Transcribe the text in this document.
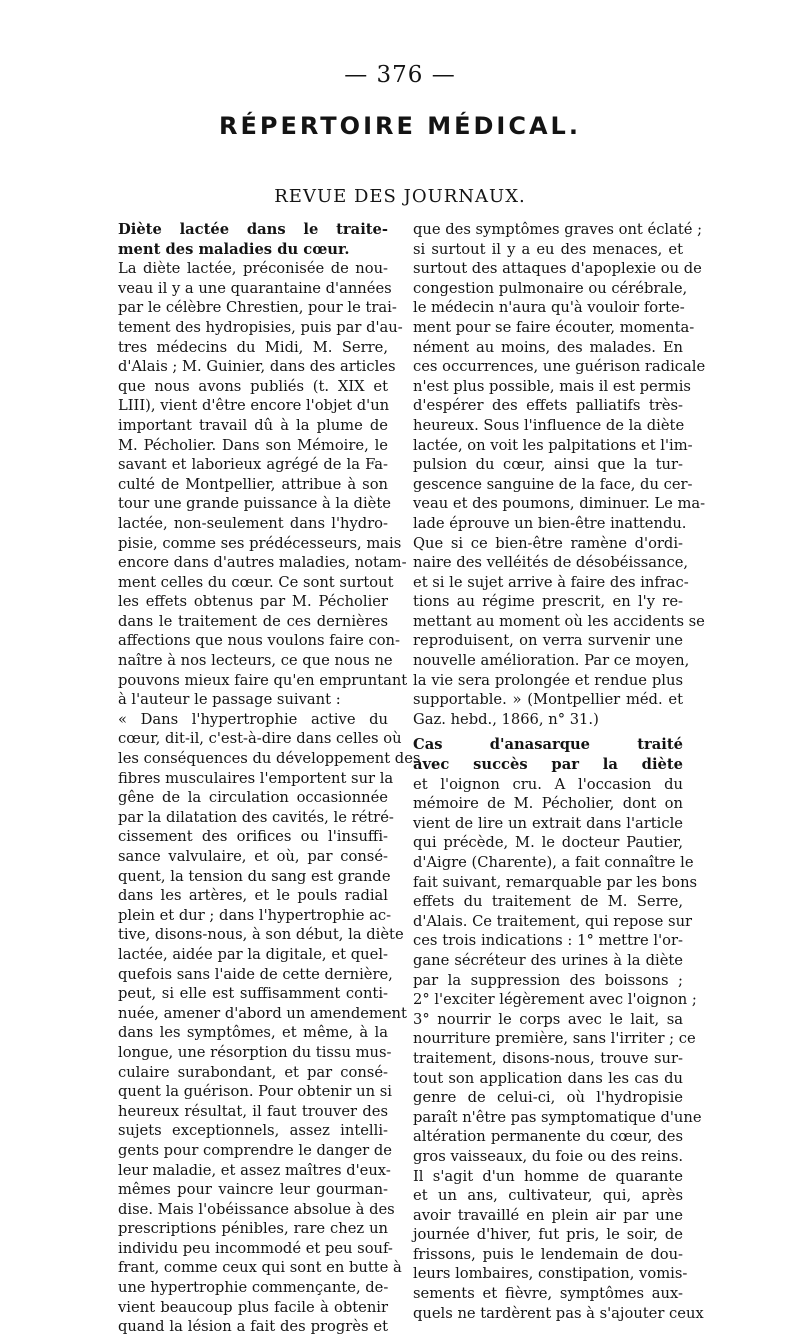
— 376 —
RÉPERTOIRE MÉDICAL.
REVUE DES JOURNAUX.
Diète lactée dans le traite-
ment des maladies du cœur.
La diète lactée, préconisée de nou-
veau il y a une quarantaine d'années
par le célèbre Chrestien, pour le trai-
tement des hydropisies, puis par d'au-
tres médecins du Midi, M. Serre,
d'Alais ; M. Guinier, dans des articles
que nous avons publiés (t. XIX et
LIII), vient d'être encore l'objet d'un
important travail dû à la plume de
M. Pécholier. Dans son Mémoire, le
savant et laborieux agrégé de la Fa-
culté de Montpellier, attribue à son
tour une grande puissance à la diète
lactée, non-seulement dans l'hydro-
pisie, comme ses prédécesseurs, mais
encore dans d'autres maladies, notam-
ment celles du cœur. Ce sont surtout
les effets obtenus par M. Pécholier
dans le traitement de ces dernières
affections que nous voulons faire con-
naître à nos lecteurs, ce que nous ne
pouvons mieux faire qu'en empruntant
à l'auteur le passage suivant :
« Dans l'hypertrophie active du
cœur, dit-il, c'est-à-dire dans celles où
les conséquences du développement des
fibres musculaires l'emportent sur la
gêne de la circulation occasionnée
par la dilatation des cavités, le rétré-
cissement des orifices ou l'insuffi-
sance valvulaire, et où, par consé-
quent, la tension du sang est grande
dans les artères, et le pouls radial
plein et dur ; dans l'hypertrophie ac-
tive, disons-nous, à son début, la diète
lactée, aidée par la digitale, et quel-
quefois sans l'aide de cette dernière,
peut, si elle est suffisamment conti-
nuée, amener d'abord un amendement
dans les symptômes, et même, à la
longue, une résorption du tissu mus-
culaire surabondant, et par consé-
quent la guérison. Pour obtenir un si
heureux résultat, il faut trouver des
sujets exceptionnels, assez intelli-
gents pour comprendre le danger de
leur maladie, et assez maîtres d'eux-
mêmes pour vaincre leur gourman-
dise. Mais l'obéissance absolue à des
prescriptions pénibles, rare chez un
individu peu incommodé et peu souf-
frant, comme ceux qui sont en butte à
une hypertrophie commençante, de-
vient beaucoup plus facile à obtenir
quand la lésion a fait des progrès et
que des symptômes graves ont éclaté ;
si surtout il y a eu des menaces, et
surtout des attaques d'apoplexie ou de
congestion pulmonaire ou cérébrale,
le médecin n'aura qu'à vouloir forte-
ment pour se faire écouter, momenta-
nément au moins, des malades. En
ces occurrences, une guérison radicale
n'est plus possible, mais il est permis
d'espérer des effets palliatifs très-
heureux. Sous l'influence de la diète
lactée, on voit les palpitations et l'im-
pulsion du cœur, ainsi que la tur-
gescence sanguine de la face, du cer-
veau et des poumons, diminuer. Le ma-
lade éprouve un bien-être inattendu.
Que si ce bien-être ramène d'ordi-
naire des velléités de désobéissance,
et si le sujet arrive à faire des infrac-
tions au régime prescrit, en l'y re-
mettant au moment où les accidents se
reproduisent, on verra survenir une
nouvelle amélioration. Par ce moyen,
la vie sera prolongée et rendue plus
supportable. » (Montpellier méd. et
Gaz. hebd., 1866, n° 31.)
Cas d'anasarque traité
avec succès par la diète
et l'oignon cru. A l'occasion du
mémoire de M. Pécholier, dont on
vient de lire un extrait dans l'article
qui précède, M. le docteur Pautier,
d'Aigre (Charente), a fait connaître le
fait suivant, remarquable par les bons
effets du traitement de M. Serre,
d'Alais. Ce traitement, qui repose sur
ces trois indications : 1° mettre l'or-
gane sécréteur des urines à la diète
par la suppression des boissons ;
2° l'exciter légèrement avec l'oignon ;
3° nourrir le corps avec le lait, sa
nourriture première, sans l'irriter ; ce
traitement, disons-nous, trouve sur-
tout son application dans les cas du
genre de celui-ci, où l'hydropisie
paraît n'être pas symptomatique d'une
altération permanente du cœur, des
gros vaisseaux, du foie ou des reins.
Il s'agit d'un homme de quarante
et un ans, cultivateur, qui, après
avoir travaillé en plein air par une
journée d'hiver, fut pris, le soir, de
frissons, puis le lendemain de dou-
leurs lombaires, constipation, vomis-
sements et fièvre, symptômes aux-
quels ne tardèrent pas à s'ajouter ceux
